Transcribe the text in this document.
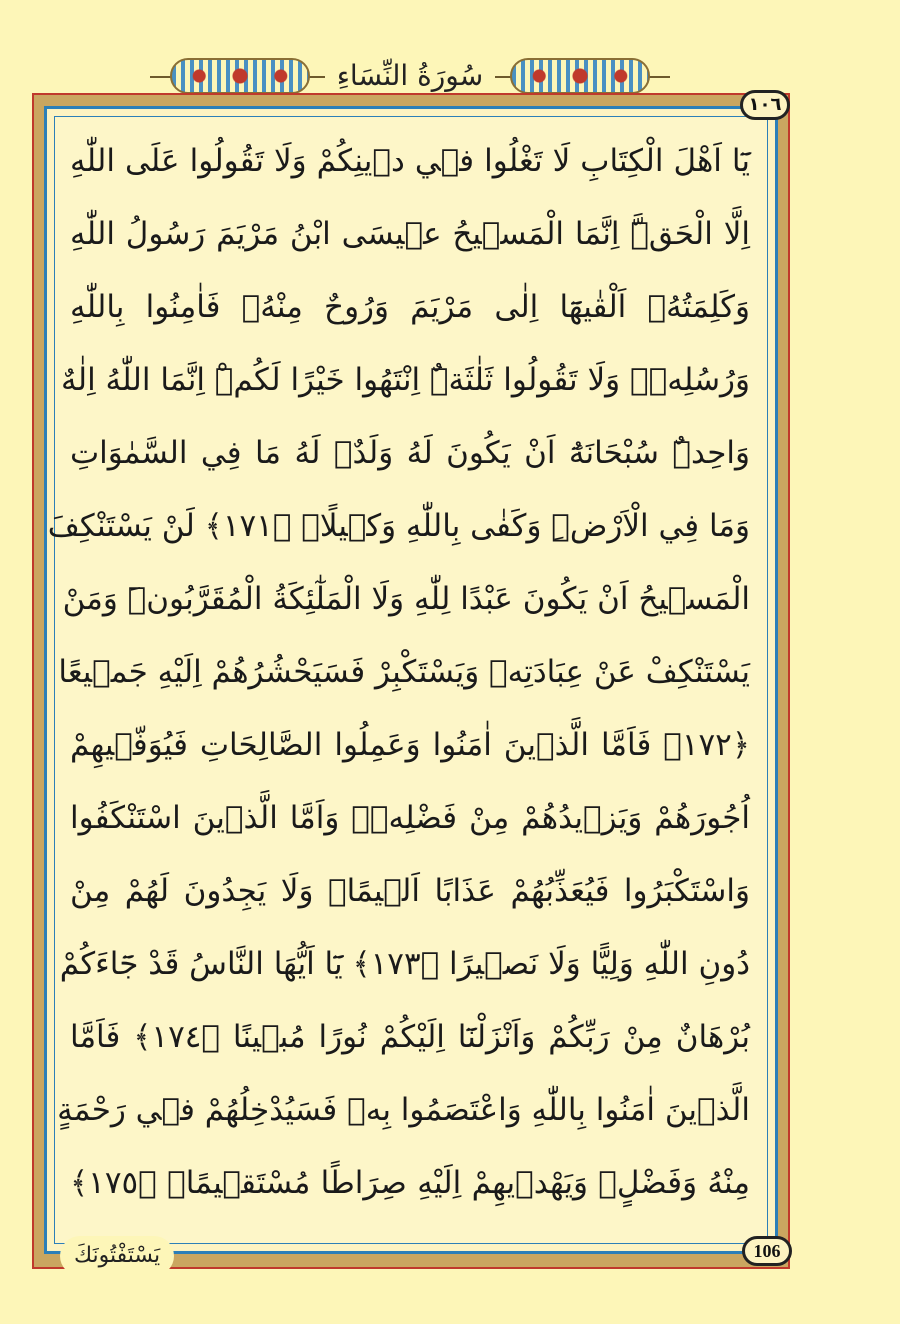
سُورَةُ النِّسَاءِ
١٠٦
يَٓا اَهْلَ الْكِتَابِ لَا تَغْلُوا ف۪ي د۪ينِكُمْ وَلَا تَقُولُوا عَلَى اللّٰهِ
اِلَّا الْحَقَّۜ اِنَّمَا الْمَس۪يحُ ع۪يسَى ابْنُ مَرْيَمَ رَسُولُ اللّٰهِ
وَكَلِمَتُهُۚ اَلْقٰيهَٓا اِلٰى مَرْيَمَ وَرُوحٌ مِنْهُۘ فَاٰمِنُوا بِاللّٰهِ
وَرُسُلِه۪ۜ وَلَا تَقُولُوا ثَلٰثَةٌۜ اِنْتَهُوا خَيْرًا لَكُمْۜ اِنَّمَا اللّٰهُ اِلٰهٌ
وَاحِدٌۜ سُبْحَانَهُٓ اَنْ يَكُونَ لَهُ وَلَدٌۢ لَهُ مَا فِي السَّمٰوَاتِ
وَمَا فِي الْاَرْضِۜ وَكَفٰى بِاللّٰهِ وَك۪يلًاࣖ ﴿١٧١﴾ لَنْ يَسْتَنْكِفَ
الْمَس۪يحُ اَنْ يَكُونَ عَبْدًا لِلّٰهِ وَلَا الْمَلٰٓئِكَةُ الْمُقَرَّبُونَۜ وَمَنْ
يَسْتَنْكِفْ عَنْ عِبَادَتِه۪ وَيَسْتَكْبِرْ فَسَيَحْشُرُهُمْ اِلَيْهِ جَم۪يعًا
﴿١٧٢﴾ فَاَمَّا الَّذ۪ينَ اٰمَنُوا وَعَمِلُوا الصَّالِحَاتِ فَيُوَفّ۪يهِمْ
اُجُورَهُمْ وَيَز۪يدُهُمْ مِنْ فَضْلِه۪ۚ وَاَمَّا الَّذ۪ينَ اسْتَنْكَفُوا
وَاسْتَكْبَرُوا فَيُعَذِّبُهُمْ عَذَابًا اَل۪يمًاۙ وَلَا يَجِدُونَ لَهُمْ مِنْ
دُونِ اللّٰهِ وَلِيًّا وَلَا نَص۪يرًا ﴿١٧٣﴾ يَٓا اَيُّهَا النَّاسُ قَدْ جَٓاءَكُمْ
بُرْهَانٌ مِنْ رَبِّكُمْ وَاَنْزَلْنَٓا اِلَيْكُمْ نُورًا مُب۪ينًا ﴿١٧٤﴾ فَاَمَّا
الَّذ۪ينَ اٰمَنُوا بِاللّٰهِ وَاعْتَصَمُوا بِه۪ فَسَيُدْخِلُهُمْ ف۪ي رَحْمَةٍ
مِنْهُ وَفَضْلٍۙ وَيَهْد۪يهِمْ اِلَيْهِ صِرَاطًا مُسْتَق۪يمًاۜ ﴿١٧٥﴾
106
يَسْتَفْتُونَكَ
